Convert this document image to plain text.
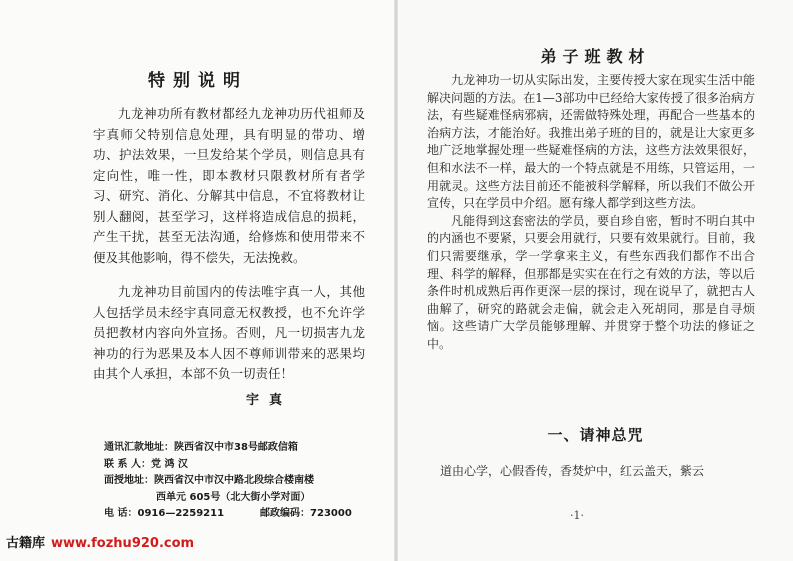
特别说明

九龙神功所有教材都经九龙神功历代祖师及宇真师父特别信息处理，具有明显的带功、增功、护法效果，一旦发给某个学员，则信息具有定向性，唯一性，即本教材只限教材所有者学习、研究、消化、分解其中信息，不宜将教材让别人翻阅，甚至学习，这样将造成信息的损耗，产生干扰，甚至无法沟通，给修炼和使用带来不便及其他影响，得不偿失，无法挽救。

九龙神功目前国内的传法唯宇真一人，其他人包括学员未经宇真同意无权教授，也不允许学员把教材内容向外宣扬。否则，凡一切损害九龙神功的行为恶果及本人因不尊师训带来的恶果均由其个人承担，本部不负一切责任！

宇真
通讯汇款地址：陕西省汉中市38号邮政信箱
联 系 人：党 鸿 汉
面授地址：陕西省汉中市汉中路北段综合楼南楼
西单元 605号（北大街小学对面）
电 话：0916—2259211	邮政编码：723000
古籍库 www.fozhu920.com
弟子班教材

九龙神功一切从实际出发，主要传授大家在现实生活中能解决问题的方法。在1—3部功中已经给大家传授了很多治病方法，有些疑难怪病邪病，还需做特殊处理，再配合一些基本的治病方法，才能治好。我推出弟子班的目的，就是让大家更多地广泛地掌握处理一些疑难怪病的方法，这些方法效果很好，但和水法不一样，最大的一个特点就是不用练，只管运用，一用就灵。这些方法目前还不能被科学解释，所以我们不做公开宣传，只在学员中介绍。愿有缘人都学到这些方法。

凡能得到这套密法的学员，要自珍自密，暂时不明白其中的内涵也不要紧，只要会用就行，只要有效果就行。目前，我们只需要继承，学一学拿来主义，有些东西我们都作不出合理、科学的解释，但那都是实实在在行之有效的方法，等以后条件时机成熟后再作更深一层的探讨，现在说早了，就把古人曲解了，研究的路就会走偏，就会走入死胡同，那是自寻烦恼。这些请广大学员能够理解、并贯穿于整个功法的修证之中。

一、请神总咒
道由心学，心假香传，香焚炉中，红云盖天，紫云
·1·
